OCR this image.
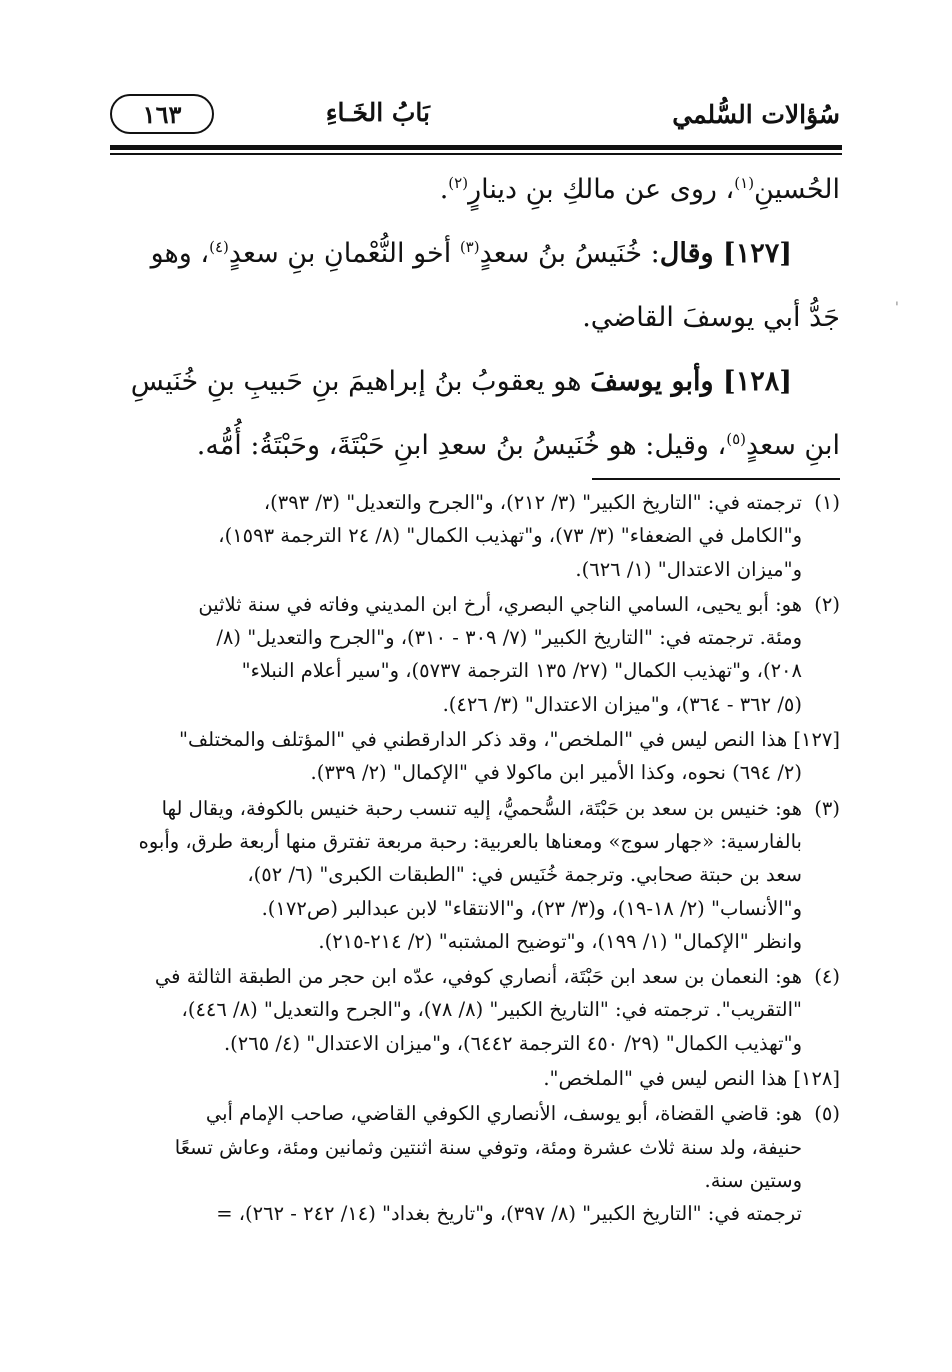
سُؤالات السُّلمي
بَابُ الخَـاءِ
١٦٣
الحُسينِ$^{(١)}$، روى عن مالكِ بنِ دينارٍ$^{(٢)}$.
[١٢٧] وقال: خُنَيسُ بنُ سعدٍ$^{(٣)}$ أخو النُّعْمانِ بنِ سعدٍ$^{(٤)}$، وهو
جَدُّ أبي يوسفَ القاضي.
[١٢٨] وأبو يوسفَ هو يعقوبُ بنُ إبراهيمَ بنِ حَبيبِ بنِ خُنَيسِ
ابنِ سعدٍ$^{(٥)}$، وقيل: هو خُنَيسُ بنُ سعدِ ابنِ حَبْتَةَ، وحَبْتَةُ: أُمُّه.
(١)ترجمته في: "التاريخ الكبير" (٣/ ٢١٢)، و"الجرح والتعديل" (٣/ ٣٩٣)،
و"الكامل في الضعفاء" (٣/ ٧٣)، و"تهذيب الكمال" (٨/ ٢٤ الترجمة ١٥٩٣)،
و"ميزان الاعتدال" (١/ ٦٢٦).
(٢)هو: أبو يحيى، السامي الناجي البصري، أرخ ابن المديني وفاته في سنة ثلاثين
ومئة. ترجمته في: "التاريخ الكبير" (٧/ ٣٠٩ - ٣١٠)، و"الجرح والتعديل" (٨/
٢٠٨)، و"تهذيب الكمال" (٢٧/ ١٣٥ الترجمة ٥٧٣٧)، و"سير أعلام النبلاء"
(٥/ ٣٦٢ - ٣٦٤)، و"ميزان الاعتدال" (٣/ ٤٢٦).
[١٢٧] هذا النص ليس في "الملخص"، وقد ذكر الدارقطني في "المؤتلف والمختلف"
(٢/ ٦٩٤) نحوه، وكذا الأمير ابن ماكولا في "الإكمال" (٢/ ٣٣٩).
(٣)هو: خنيس بن سعد بن حَبْتَة، السُّحميُّ، إليه تنسب رحبة خنيس بالكوفة، ويقال لها
بالفارسية: «جهار سوج» ومعناها بالعربية: رحبة مربعة تفترق منها أربعة طرق، وأبوه
سعد بن حبتة صحابي. وترجمة خُنَيس في: "الطبقات الكبرى" (٦/ ٥٢)،
و"الأنساب" (٢/ ١٨-١٩)، و(٣/ ٢٣)، و"الانتقاء" لابن عبدالبر (ص١٧٢).
وانظر "الإكمال" (١/ ١٩٩)، و"توضيح المشتبه" (٢/ ٢١٤-٢١٥).
(٤)هو: النعمان بن سعد ابن حَبْتَة، أنصاري كوفي، عدّه ابن حجر من الطبقة الثالثة في
"التقريب". ترجمته في: "التاريخ الكبير" (٨/ ٧٨)، و"الجرح والتعديل" (٨/ ٤٤٦)،
و"تهذيب الكمال" (٢٩/ ٤٥٠ الترجمة ٦٤٤٢)، و"ميزان الاعتدال" (٤/ ٢٦٥).
[١٢٨] هذا النص ليس في "الملخص".
(٥)هو: قاضي القضاة، أبو يوسف، الأنصاري الكوفي القاضي، صاحب الإمام أبي
حنيفة، ولد سنة ثلاث عشرة ومئة، وتوفي سنة اثنتين وثمانين ومئة، وعاش تسعًا
وستين سنة.
ترجمته في: "التاريخ الكبير" (٨/ ٣٩٧)، و"تاريخ بغداد" (١٤/ ٢٤٢ - ٢٦٢)، =
'
